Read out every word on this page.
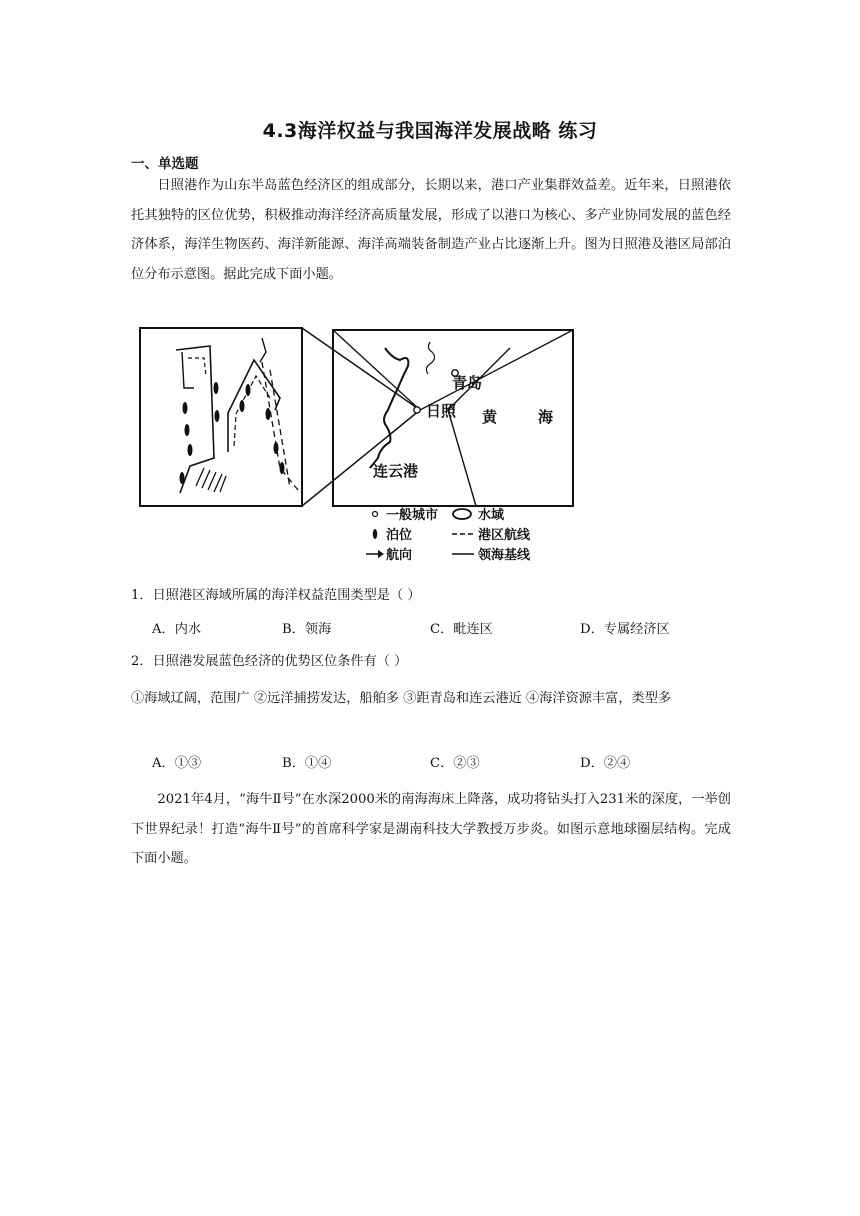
4.3海洋权益与我国海洋发展战略 练习
一、单选题

日照港作为山东半岛蓝色经济区的组成部分，长期以来，港口产业集群效益差。近年来，日照港依托其独特的区位优势，积极推动海洋经济高质量发展，形成了以港口为核心、多产业协同发展的蓝色经济体系，海洋生物医药、海洋新能源、海洋高端装备制造产业占比逐渐上升。图为日照港及港区局部泊位分布示意图。据此完成下面小题。

青岛
日照 黄	海
连云港
一般城市	水域
泊位	港区航线
航向	领海基线

1．日照港区海域所属的海洋权益范围类型是（ ）

A．内水	B．领海	C．毗连区	D．专属经济区

2．日照港发展蓝色经济的优势区位条件有（ ）

①海域辽阔，范围广 ②远洋捕捞发达，船舶多 ③距青岛和连云港近 ④海洋资源丰富，类型多

A．①③	B．①④	C．②③	D．②④

2021年4月，“海牛Ⅱ号”在水深2000米的南海海床上降落，成功将钻头打入231米的深度，一举创下世界纪录！打造“海牛Ⅱ号”的首席科学家是湖南科技大学教授万步炎。如图示意地球圈层结构。完成下面小题。
